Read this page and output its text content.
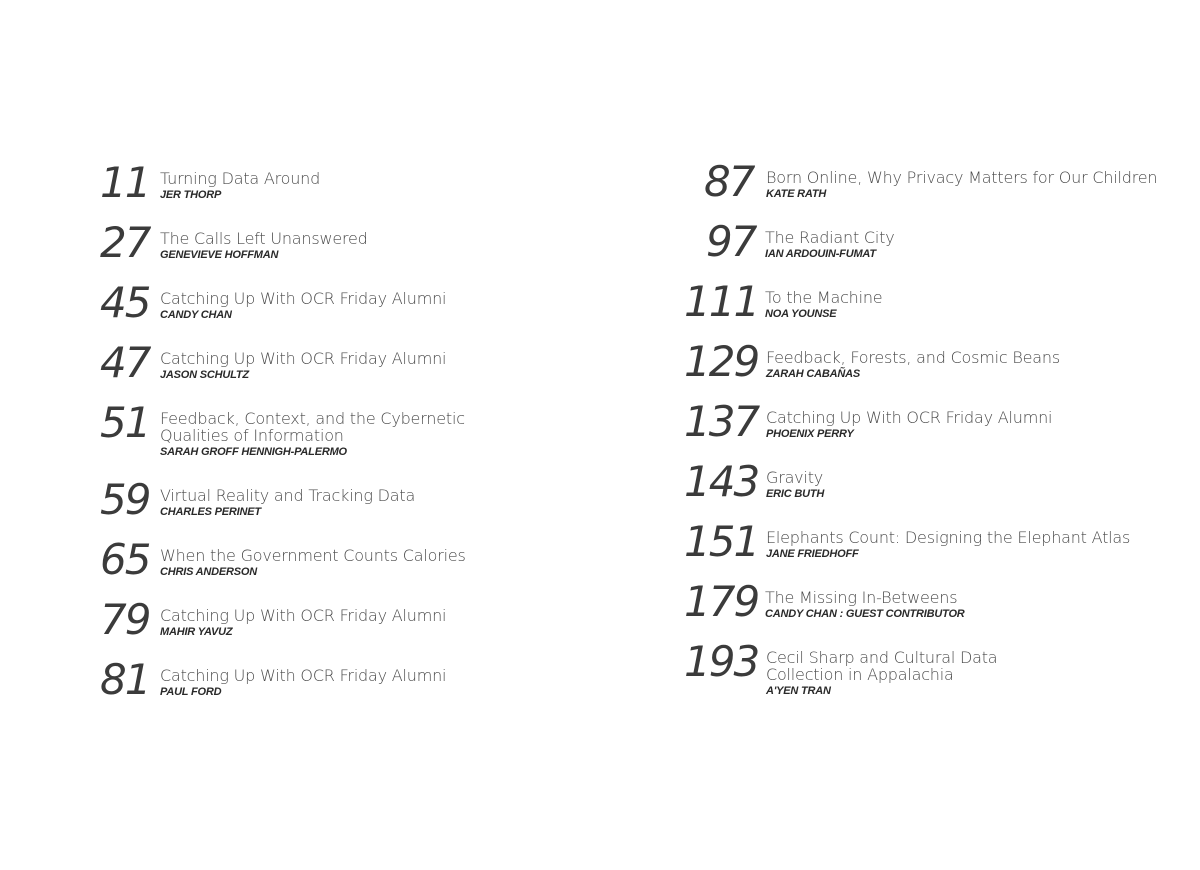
11 Turning Data Around
JER THORP
27 The Calls Left Unanswered
GENEVIEVE HOFFMAN
45 Catching Up With OCR Friday Alumni
CANDY CHAN
47 Catching Up With OCR Friday Alumni
JASON SCHULTZ
51 Feedback, Context, and the Cybernetic
Qualities of Information
SARAH GROFF HENNIGH-PALERMO
59 Virtual Reality and Tracking Data
CHARLES PERINET
65 When the Government Counts Calories
CHRIS ANDERSON
79 Catching Up With OCR Friday Alumni
MAHIR YAVUZ
81 Catching Up With OCR Friday Alumni
PAUL FORD
87 Born Online, Why Privacy Matters for Our Children
KATE RATH
97 The Radiant City
IAN ARDOUIN-FUMAT
111 To the Machine
NOA YOUNSE
129 Feedback, Forests, and Cosmic Beans
ZARAH CABAÑAS
137 Catching Up With OCR Friday Alumni
PHOENIX PERRY
143 Gravity
ERIC BUTH
151 Elephants Count: Designing the Elephant Atlas
JANE FRIEDHOFF
179 The Missing In-Betweens
CANDY CHAN : GUEST CONTRIBUTOR
193 Cecil Sharp and Cultural Data
Collection in Appalachia
A'YEN TRAN
